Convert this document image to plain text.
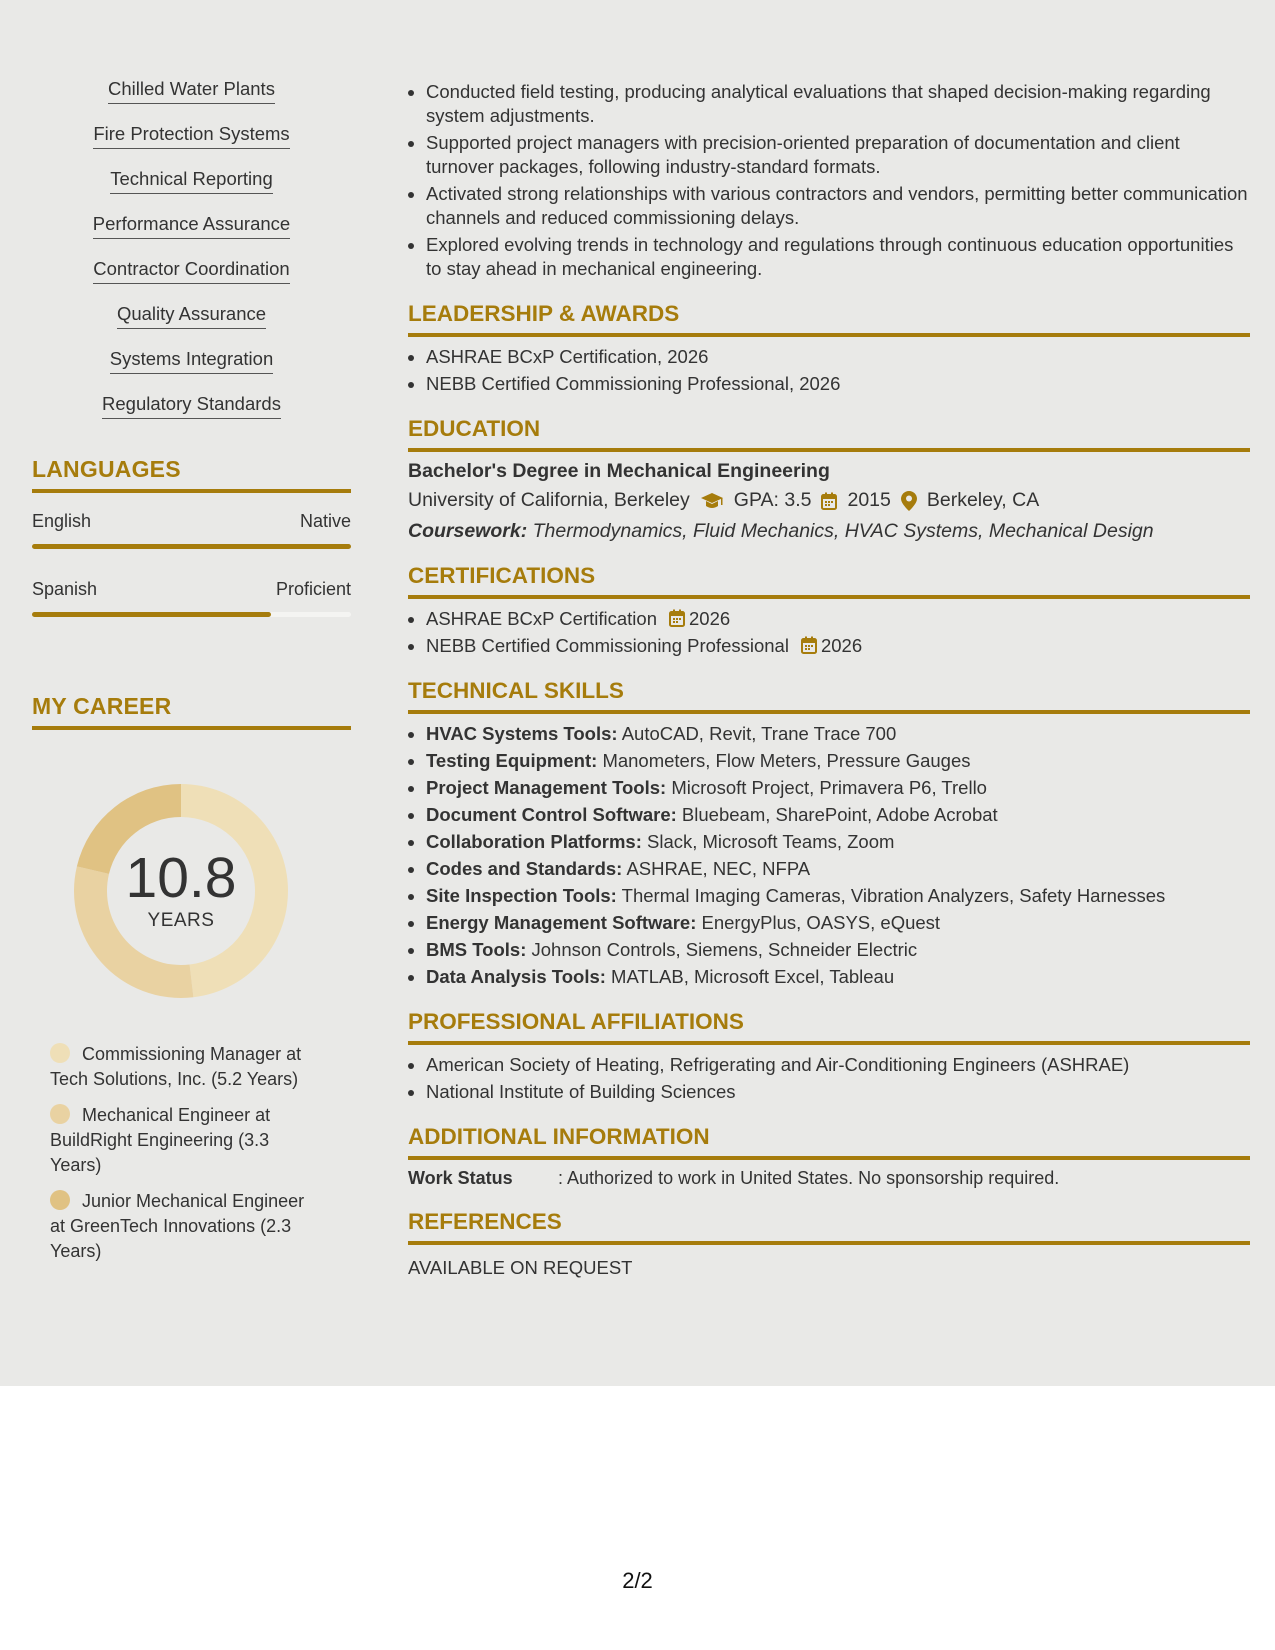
Chilled Water Plants
Fire Protection Systems
Technical Reporting
Performance Assurance
Contractor Coordination
Quality Assurance
Systems Integration
Regulatory Standards
LANGUAGES
English	Native
Spanish	Proficient
MY CAREER
10.8
YEARS
Commissioning Manager at Tech Solutions, Inc. (5.2 Years)
Mechanical Engineer at BuildRight Engineering (3.3 Years)
Junior Mechanical Engineer at GreenTech Innovations (2.3 Years)
• Conducted field testing, producing analytical evaluations that shaped decision-making regarding system adjustments.
• Supported project managers with precision-oriented preparation of documentation and client turnover packages, following industry-standard formats.
• Activated strong relationships with various contractors and vendors, permitting better communication channels and reduced commissioning delays.
• Explored evolving trends in technology and regulations through continuous education opportunities to stay ahead in mechanical engineering.
LEADERSHIP & AWARDS
• ASHRAE BCxP Certification, 2026
• NEBB Certified Commissioning Professional, 2026
EDUCATION
Bachelor's Degree in Mechanical Engineering
University of California, Berkeley GPA: 3.5 2015 Berkeley, CA
Coursework: Thermodynamics, Fluid Mechanics, HVAC Systems, Mechanical Design
CERTIFICATIONS
• ASHRAE BCxP Certification 2026
• NEBB Certified Commissioning Professional 2026
TECHNICAL SKILLS
• HVAC Systems Tools: AutoCAD, Revit, Trane Trace 700
• Testing Equipment: Manometers, Flow Meters, Pressure Gauges
• Project Management Tools: Microsoft Project, Primavera P6, Trello
• Document Control Software: Bluebeam, SharePoint, Adobe Acrobat
• Collaboration Platforms: Slack, Microsoft Teams, Zoom
• Codes and Standards: ASHRAE, NEC, NFPA
• Site Inspection Tools: Thermal Imaging Cameras, Vibration Analyzers, Safety Harnesses
• Energy Management Software: EnergyPlus, OASYS, eQuest
• BMS Tools: Johnson Controls, Siemens, Schneider Electric
• Data Analysis Tools: MATLAB, Microsoft Excel, Tableau
PROFESSIONAL AFFILIATIONS
• American Society of Heating, Refrigerating and Air-Conditioning Engineers (ASHRAE)
• National Institute of Building Sciences
ADDITIONAL INFORMATION
Work Status	: Authorized to work in United States. No sponsorship required.
REFERENCES
AVAILABLE ON REQUEST
2/2
